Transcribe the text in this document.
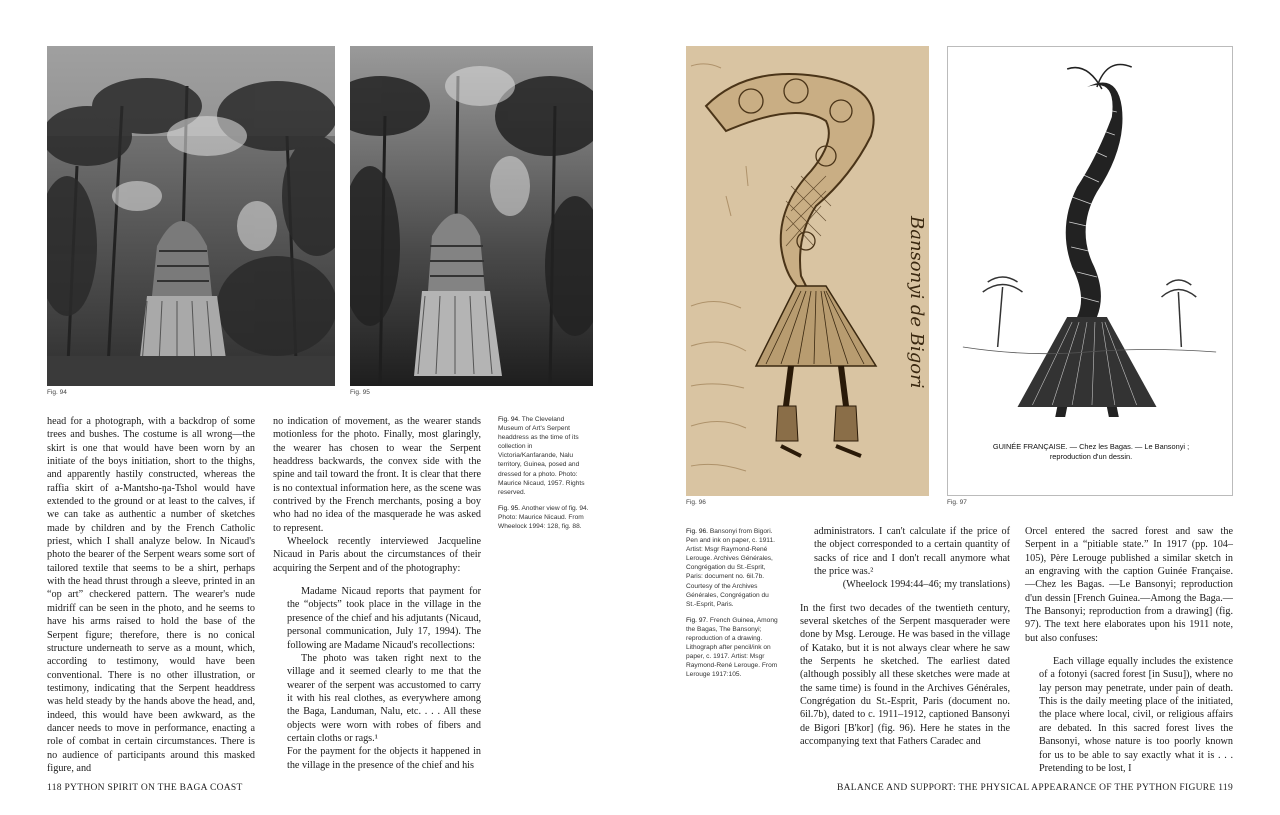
Fig. 94	Fig. 95

head for a photograph, with a backdrop of some trees and bushes. The costume is all wrong—the skirt is one that would have been worn by an initiate of the boys initiation, short to the thighs, and apparently hastily constructed, whereas the raffia skirt of a-Mantsho-ŋa-Tshol would have extended to the ground or at least to the calves, if we can take as authentic a number of sketches made by children and by the French Catholic priest, which I shall analyze below. In Nicaud's photo the bearer of the Serpent wears some sort of tailored textile that seems to be a shirt, perhaps with the head thrust through a sleeve, printed in an “op art” checkered pattern. The wearer's nude midriff can be seen in the photo, and he seems to have his arms raised to hold the base of the Serpent figure; therefore, there is no conical structure underneath to serve as a mount, which, according to testimony, would have been conventional. There is no other illustration, or testimony, indicating that the Serpent headdress was held steady by the hands above the head, and, indeed, this would have been awkward, as the dancer needs to move in performance, enacting a role of combat in certain circumstances. There is no audience of participants around this masked figure, and

no indication of movement, as the wearer stands motionless for the photo. Finally, most glaringly, the wearer has chosen to wear the Serpent headdress backwards, the convex side with the spine and tail toward the front. It is clear that there is no contextual information here, as the scene was contrived by the French merchants, posing a boy who had no idea of the masquerade he was asked to represent.

Wheelock recently interviewed Jacqueline Nicaud in Paris about the circumstances of their acquiring the Serpent and of the photography:

Madame Nicaud reports that payment for the “objects” took place in the village in the presence of the chief and his adjutants (Nicaud, personal communication, July 17, 1994). The following are Madame Nicaud's recollections:

The photo was taken right next to the village and it seemed clearly to me that the wearer of the serpent was accustomed to carry it with his real clothes, as everywhere among the Baga, Landuman, Nalu, etc. . . . All these objects were worn with robes of fibers and certain cloths or rags.¹

For the payment for the objects it happened in the village in the presence of the chief and his

Fig. 94. The Cleveland Museum of Art's Serpent headdress as the time of its collection in Victoria/Kanfarande, Nalu territory, Guinea, posed and dressed for a photo. Photo: Maurice Nicaud, 1957. Rights reserved.

Fig. 95. Another view of fig. 94. Photo: Maurice Nicaud. From Wheelock 1994: 128, fig. 88.

118 PYTHON SPIRIT ON THE BAGA COAST
Bansonyi de Bigori
Fig. 96
GUINÉE FRANÇAISE. — Chez les Bagas. — Le Bansonyi ;
reproduction d'un dessin.
Fig. 97

Fig. 96. Bansonyi from Bigori. Pen and ink on paper, c. 1911. Artist: Msgr Raymond-René Lerouge. Archives Générales, Congrégation du St.-Esprit, Paris: document no. 6il.7b. Courtesy of the Archives Générales, Congrégation du St.-Esprit, Paris.

Fig. 97. French Guinea, Among the Bagas, The Bansonyi; reproduction of a drawing. Lithograph after pencil/ink on paper, c. 1917. Artist: Msgr Raymond-René Lerouge. From Lerouge 1917:105.

administrators. I can't calculate if the price of the object corresponded to a certain quantity of sacks of rice and I don't recall anymore what the price was.²

(Wheelock 1994:44–46; my translations)

In the first two decades of the twentieth century, several sketches of the Serpent masquerader were done by Msg. Lerouge. He was based in the village of Katako, but it is not always clear where he saw the Serpents he sketched. The earliest dated (although possibly all these sketches were made at the same time) is found in the Archives Générales, Congrégation du St.-Esprit, Paris (document no. 6il.7b), dated to c. 1911–1912, captioned Bansonyi de Bigori [B'kor] (fig. 96). Here he states in the accompanying text that Fathers Caradec and

Orcel entered the sacred forest and saw the Serpent in a “pitiable state.” In 1917 (pp. 104–105), Père Lerouge published a similar sketch in an engraving with the caption Guinée Française. —Chez les Bagas. —Le Bansonyi; reproduction d'un dessin [French Guinea.—Among the Baga.—The Bansonyi; reproduction from a drawing] (fig. 97). The text here elaborates upon his 1911 note, but also confuses:

Each village equally includes the existence of a fotonyi (sacred forest [in Susu]), where no lay person may penetrate, under pain of death. This is the daily meeting place of the initiated, the place where local, civil, or religious affairs are debated. In this sacred forest lives the Bansonyi, whose nature is too poorly known for us to be able to say exactly what it is . . . Pretending to be lost, I

BALANCE AND SUPPORT: THE PHYSICAL APPEARANCE OF THE PYTHON FIGURE 119
